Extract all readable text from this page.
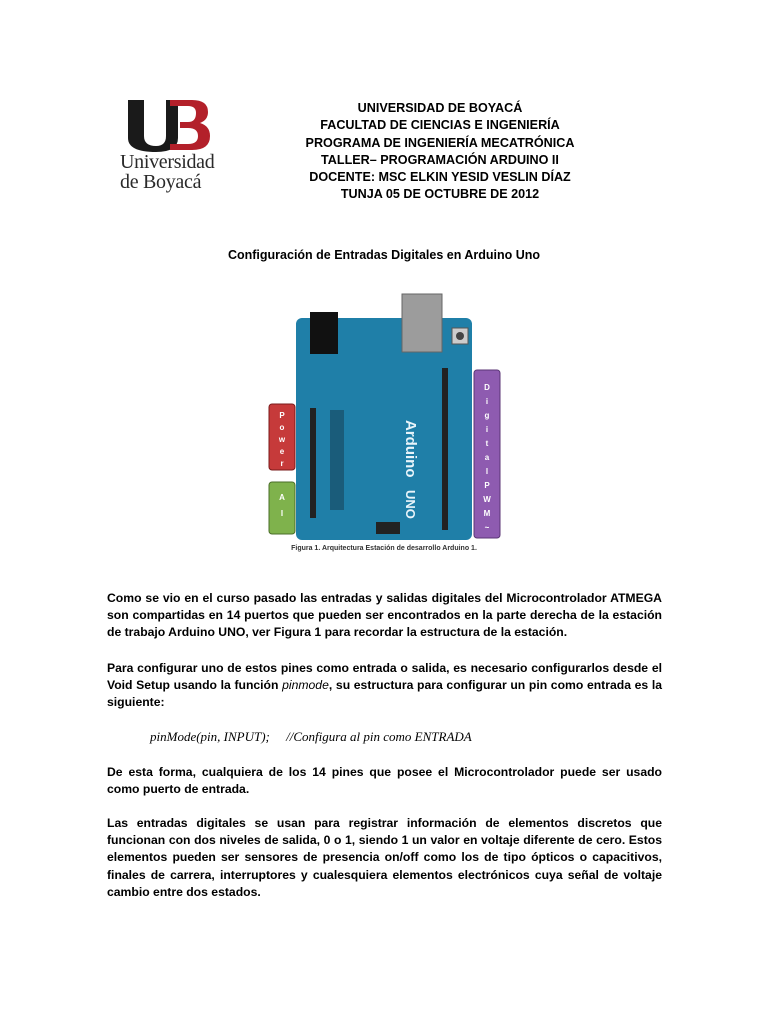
Universidad
de Boyacá
UNIVERSIDAD DE BOYACÁ
FACULTAD DE CIENCIAS E INGENIERÍA
PROGRAMA DE INGENIERÍA MECATRÓNICA
TALLER– PROGRAMACIÓN ARDUINO II
DOCENTE: MSC ELKIN YESID VESLIN DÍAZ
TUNJA 05 DE OCTUBRE DE 2012
Configuración de Entradas Digitales en Arduino Uno
Arduino
UNO
P
o
w
e
r
A
I
D
i
g
i
t
a
l
P
W
M
~
Figura 1. Arquitectura Estación de desarrollo Arduino 1.
Como se vio en el curso pasado las entradas y salidas digitales del Microcontrolador ATMEGA son compartidas en 14 puertos que pueden ser encontrados en la parte derecha de la estación de trabajo Arduino UNO, ver Figura 1 para recordar la estructura de la estación.
Para configurar uno de estos pines como entrada o salida, es necesario configurarlos desde el Void Setup usando la función pinmode, su estructura para configurar un pin como entrada es la siguiente:
pinMode(pin, INPUT); //Configura al pin como ENTRADA
De esta forma, cualquiera de los 14 pines que posee el Microcontrolador puede ser usado como puerto de entrada.
Las entradas digitales se usan para registrar información de elementos discretos que funcionan con dos niveles de salida, 0 o 1, siendo 1 un valor en voltaje diferente de cero. Estos elementos pueden ser sensores de presencia on/off como los de tipo ópticos o capacitivos, finales de carrera, interruptores y cualesquiera elementos electrónicos cuya señal de voltaje cambio entre dos estados.
